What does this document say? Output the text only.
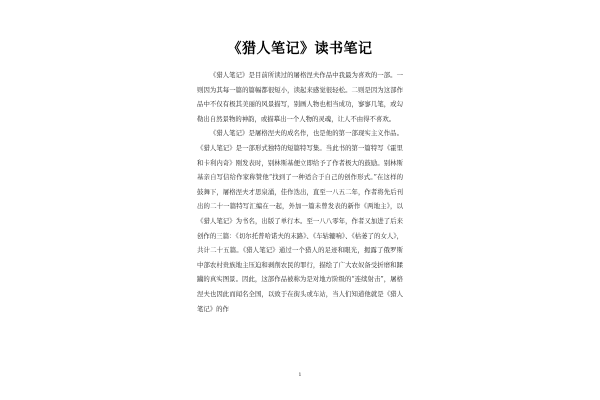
《猎人笔记》读书笔记

《猎人笔记》是目前所读过的屠格涅夫作品中我最为喜欢的一部。一则因为其每一篇的篇幅都很短小，读起来感觉很轻松。二则是因为这部作品中不仅有极其美丽的风景描写，别画人物也相当成功，寥寥几笔，或勾勒出自然景物的神韵，或描摹出一个人物的灵魂，让人不由得不喜欢。

《猎人笔记》是屠格涅夫的成名作，也是他的第一部现实主义作品。《猎人笔记》是一部形式独特的短篇特写集。当此书的第一篇特写《霍里和卡利内奇》刚发表时，别林斯基便立即给予了作者极大的鼓励。别林斯基亲自写信给作家称赞他“找到了一种适合于自己的创作形式。”在这样的鼓舞下，屠格涅夫才思泉涌，佳作迭出，直至一八五二年，作者将先后刊出的二十一篇特写汇编在一起，外加一篇未曾发表的新作《两地主》，以《猎人笔记》为书名，出版了单行本。至一八八零年，作者又加进了后来创作的三篇：《切尔托普哈诺夫的末路》、《车轱辘响》、《枯萎了的女人》，共计二十五篇。《猎人笔记》通过一个猎人的足迹和眼光，揭露了俄罗斯中部农村贵族地主压迫和剥削农民的罪行，描绘了广大农奴备受折磨和蹂躏的真实图景。因此，这部作品被称为是对地方阶级的“连续射击”，屠格涅夫也因此而闻名全国，以致于在街头或车站，当人们知道他就是《猎人笔记》的作

1
